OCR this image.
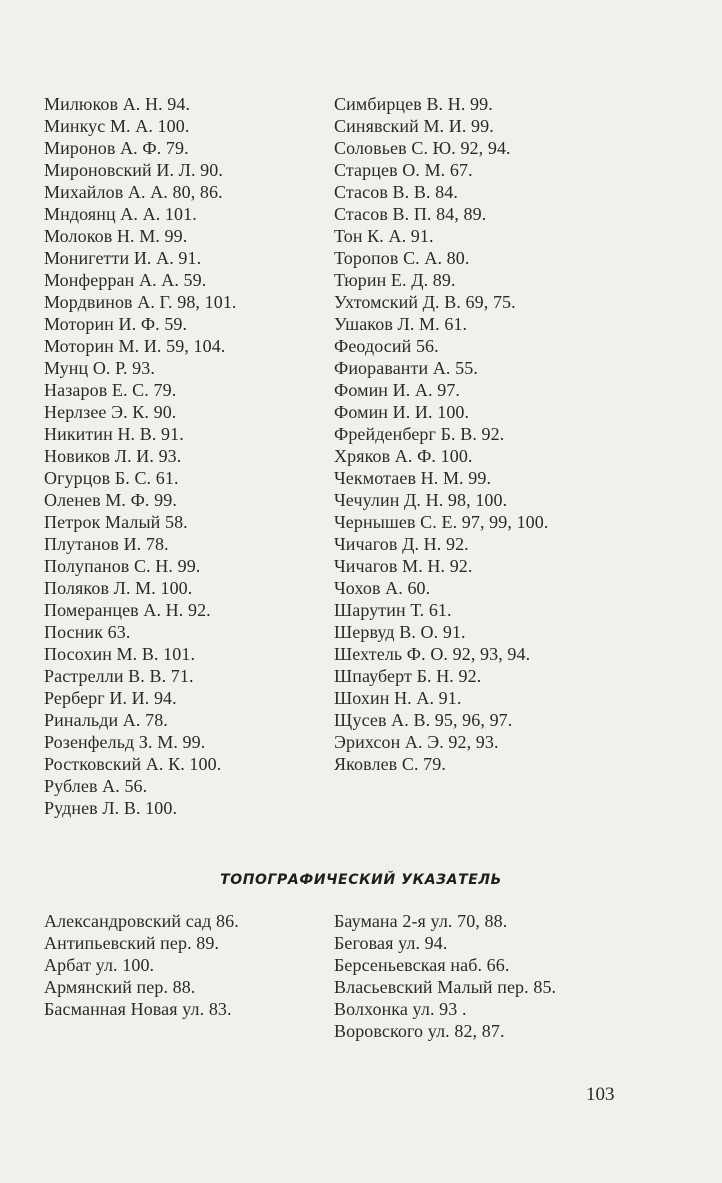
Милюков А. Н. 94.
Минкус М. А. 100.
Миронов А. Ф. 79.
Мироновский И. Л. 90.
Михайлов А. А. 80, 86.
Мндоянц А. А. 101.
Молоков Н. М. 99.
Монигетти И. А. 91.
Монферран А. А. 59.
Мордвинов А. Г. 98, 101.
Моторин И. Ф. 59.
Моторин М. И. 59, 104.
Мунц О. Р. 93.
Назаров Е. С. 79.
Нерлзее Э. К. 90.
Никитин Н. В. 91.
Новиков Л. И. 93.
Огурцов Б. С. 61.
Оленев М. Ф. 99.
Петрок Малый 58.
Плутанов И. 78.
Полупанов С. Н. 99.
Поляков Л. М. 100.
Померанцев А. Н. 92.
Посник 63.
Посохин М. В. 101.
Растрелли В. В. 71.
Рерберг И. И. 94.
Ринальди А. 78.
Розенфельд З. М. 99.
Ростковский А. К. 100.
Рублев А. 56.
Руднев Л. В. 100.
Симбирцев В. Н. 99.
Синявский М. И. 99.
Соловьев С. Ю. 92, 94.
Старцев О. М. 67.
Стасов В. В. 84.
Стасов В. П. 84, 89.
Тон К. А. 91.
Торопов С. А. 80.
Тюрин Е. Д. 89.
Ухтомский Д. В. 69, 75.
Ушаков Л. М. 61.
Феодосий 56.
Фиораванти А. 55.
Фомин И. А. 97.
Фомин И. И. 100.
Фрейденберг Б. В. 92.
Хряков А. Ф. 100.
Чекмотаев Н. М. 99.
Чечулин Д. Н. 98, 100.
Чернышев С. Е. 97, 99, 100.
Чичагов Д. Н. 92.
Чичагов М. Н. 92.
Чохов А. 60.
Шарутин Т. 61.
Шервуд В. О. 91.
Шехтель Ф. О. 92, 93, 94.
Шпауберт Б. Н. 92.
Шохин Н. А. 91.
Щусев А. В. 95, 96, 97.
Эрихсон А. Э. 92, 93.
Яковлев С. 79.
ТОПОГРАФИЧЕСКИЙ УКАЗАТЕЛЬ
Александровский сад 86.
Антипьевский пер. 89.
Арбат ул. 100.
Армянский пер. 88.
Басманная Новая ул. 83.
Баумана 2-я ул. 70, 88.
Беговая ул. 94.
Берсеньевская наб. 66.
Власьевский Малый пер. 85.
Волхонка ул. 93 .
Воровского ул. 82, 87.
103
